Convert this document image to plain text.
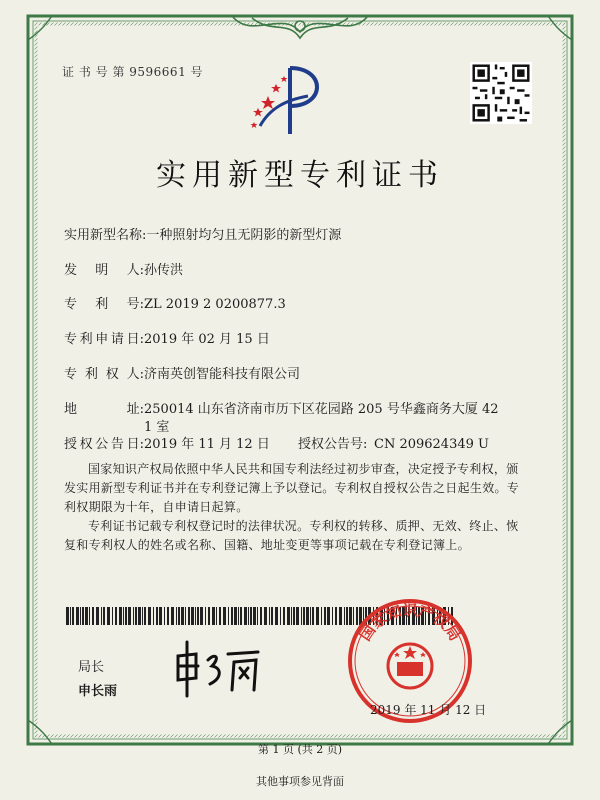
证 书 号 第 9596661 号
实用新型专利证书
实用新型名称:一种照射均匀且无阴影的新型灯源
发 明 人: 孙传洪
专 利 号: ZL 2019 2 0200877.3
专 利 申 请 日: 2019 年 02 月 15 日
专 利 权 人: 济南英创智能科技有限公司
地	址: 250014 山东省济南市历下区花园路 205 号华鑫商务大厦 42
1 室
授 权 公 告 日: 2019 年 11 月 12 日	授权公告号: CN 209624349 U
国家知识产权局依照中华人民共和国专利法经过初步审查，决定授予专利权，颁发实用新型专利证书并在专利登记簿上予以登记。专利权自授权公告之日起生效。专利权期限为十年，自申请日起算。
专利证书记载专利权登记时的法律状况。专利权的转移、质押、无效、终止、恢复和专利权人的姓名或名称、国籍、地址变更等事项记载在专利登记簿上。
局长
申长雨
国家知识产权局
2019 年 11 月 12 日
第 1 页 (共 2 页)
其他事项参见背面
